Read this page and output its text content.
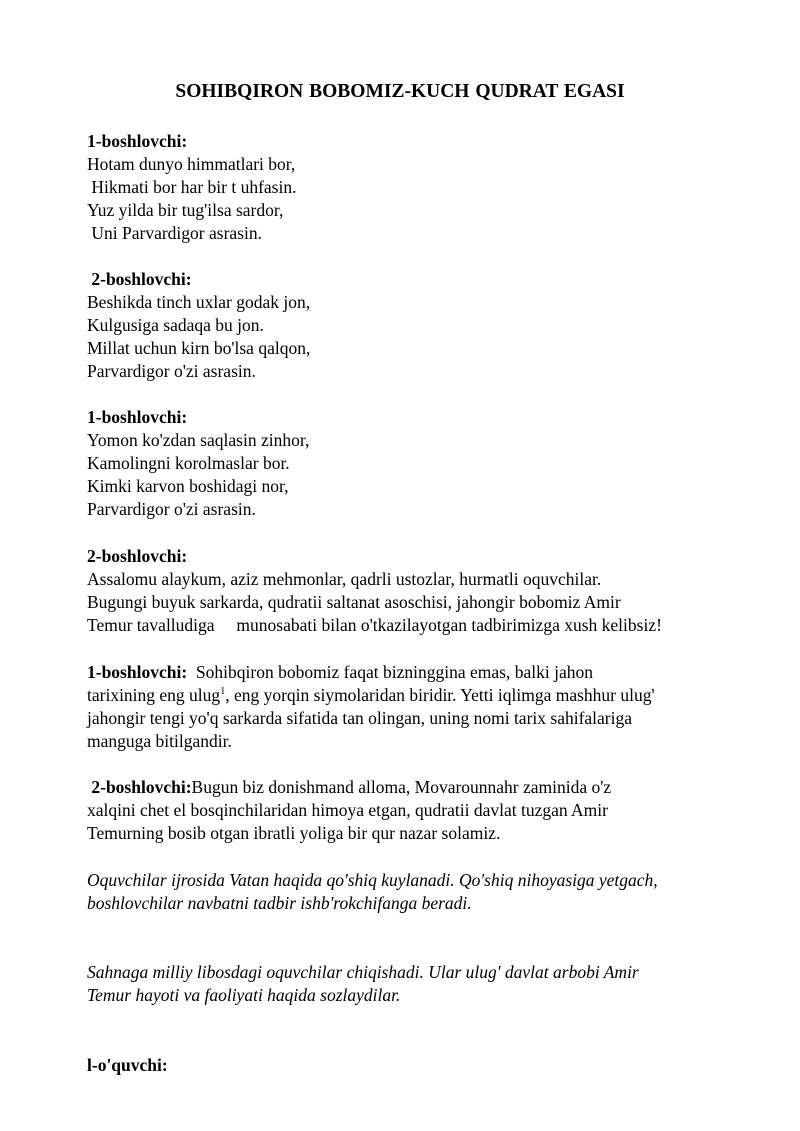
SOHIBQIRON BOBOMIZ-KUCH QUDRAT EGASI
1-boshlovchi:
Hotam dunyo himmatlari bor,
Hikmati bor har bir t uhfasin.
Yuz yilda bir tug'ilsa sardor,
Uni Parvardigor asrasin.
2-boshlovchi:
Beshikda tinch uxlar godak jon,
Kulgusiga sadaqa bu jon.
Millat uchun kirn bo'lsa qalqon,
Parvardigor o'zi asrasin.
1-boshlovchi:
Yomon ko'zdan saqlasin zinhor,
Kamolingni korolmaslar bor.
Kimki karvon boshidagi nor,
Parvardigor o'zi asrasin.
2-boshlovchi:
Assalomu alaykum, aziz mehmonlar, qadrli ustozlar, hurmatli oquvchilar.
Bugungi buyuk sarkarda, qudratii saltanat asoschisi, jahongir bobomiz Amir
Temur tavalludiga     munosabati bilan o'tkazilayotgan tadbirimizga xush kelibsiz!
1-boshlovchi:  Sohibqiron bobomiz faqat bizninggina emas, balki jahon
tarixining eng ulug$^1$, eng yorqin siymolaridan biridir. Yetti iqlimga mashhur ulug'
jahongir tengi yo'q sarkarda sifatida tan olingan, uning nomi tarix sahifalariga
manguga bitilgandir.
2-boshlovchi:Bugun biz donishmand alloma, Movarounnahr zaminida o'z
xalqini chet el bosqinchilaridan himoya etgan, qudratii davlat tuzgan Amir
Temurning bosib otgan ibratli yoliga bir qur nazar solamiz.
Oquvchilar ijrosida Vatan haqida qo'shiq kuylanadi. Qo'shiq nihoyasiga yetgach,
boshlovchilar navbatni tadbir ishb'rokchifanga beradi.
Sahnaga milliy libosdagi oquvchilar chiqishadi. Ular ulug' davlat arbobi Amir
Temur hayoti va faoliyati haqida sozlaydilar.
l-o'quvchi:
